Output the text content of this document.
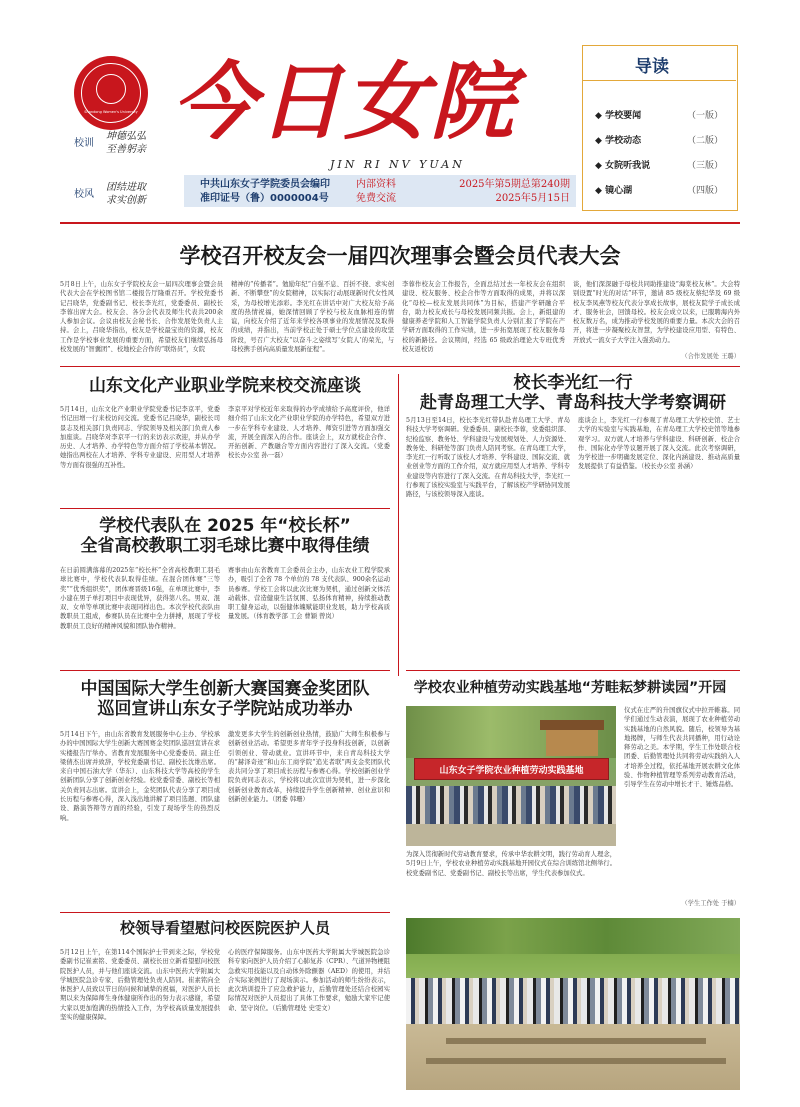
Shandong Women's University
校训
坤德弘弘
至善躬亲
校风
团结进取
求实创新
今日女院
JIN RI NV YUAN
中共山东女子学院委员会编印
准印证号（鲁）0000004号
内部资料
免费交流
2025年第5期总第240期
2025年5月15日
导读
◆ 学校要闻	（一版）
◆ 学校动态	（二版）
◆ 女院听我说	（三版）
◆ 镜心湖	（四版）
学校召开校友会一届四次理事会暨会员代表大会
5月8日上午，山东女子学院校友会一届四次理事会暨会员代表大会在学校图书馆二楼报告厅隆重召开。学校党委书记吕晓华，党委副书记、校长李光红，党委委员、副校长李蓉出席大会。校友会、各分会代表及师生代表共200余人参加会议。会议由校友会秘书长、合作发展处负责人主持。会上，吕晓华指出，校友是学校最宝贵的资源，校友工作是学校事业发展的重要方面，希望校友们继续弘扬母校发展的“智囊团”、校地校企合作的“联络员”，女院
精神的“传播者”。勉励年纪“自强不息、百折不挠、求实创新、不断攀登”的女院精神，以实际行动展现新时代女性风采，为母校增光添彩。李光红在讲话中对广大校友给予高度的热情祝福，她深情回顾了学校与校友血脉相连的情谊，向校友介绍了近年来学校各项事业的发展情况及取得的成绩，并指出，当前学校正处于硕士学位点建设的攻坚阶段，号召广大校友“以奋斗之姿续写‘女院人’的荣光，与母校携手创向高质量发展新征程”。
李蓉作校友会工作报告，全面总结过去一年校友会在组织建设、校友服务、校企合作等方面取得的成果，并将以深化“母校—校友发展共同体”为目标，搭建产学研融合平台，助力校友成长与母校发展同频共振。会上，新组建的健康养老学院和人工智能学院负责人分别汇报了学院在产学研方面取得的工作实绩，进一步拓宽展现了校友服务母校的新路径。会议期间，经选 65 级政治理论大专班优秀校友返校访
谈，他们深深融于母校共同助推建设“海棠校友林”。大会特别设置“时光的对话”环节，邀请 85 级校友蔡纪华及 69 级校友李凤燕等校友代表分享成长故事，展校友院学子成长成才、服务社会，回馈母校。校友会成立以来，已服聘海内外校友数万名，成为推动学校发展的重要力量。本次大会的召开，将进一步凝聚校友智慧，为学校建设应用型、有特色、开放式一流女子大学注入强劲动力。
（合作发展处 王璐）
山东文化产业职业学院来校交流座谈
5月14日，山东文化产业职业学院党委书记李京平，党委书记田增一行来校访问交流。党委书记吕晓华，副校长司景志及相关部门负责同志、学院领导及相关部门负责人参加座谈。吕晓华对李京平一行的来访表示欢迎，并从办学历史、人才培养、办学特色等方面介绍了学校基本情况。她指出两校在人才培养、学科专业建设、应用型人才培养等方面有很强的互补性。
李京平对学校近年来取得的办学成绩给予高度评价，他详细介绍了山东文化产业职业学院的办学特色，希望双方进一步在学科专业建设、人才培养、师资引进等方面加强交流，开展全面深入的合作。座谈会上，双方就校企合作、开拓创新、产教融合等方面内容进行了深入交流。（党委 校长办公室 孙一磊）
学校代表队在 2025 年“校长杯”
全省高校教职工羽毛球比赛中取得佳绩
在日前圆满落幕的2025年“校长杯”全省高校教职工羽毛球比赛中，学校代表队取得佳绩。在混合团体赛“三等奖”“优秀组织奖”，团体赛晋级16强，在单项比赛中，李小建在男子单打项目中表现优异，获得第八名。男双、混双、女单等单项比赛中表现同样出色。本次学校代表队由教职员工组成，参赛队员在比赛中全力拼搏，展现了学校教职员工良好的精神风貌和团队协作精神。
赛事由山东省教育工会委员会主办，山东农业工程学院承办，吸引了全省 78 个单位的 78 支代表队、900余名运动员参赛。学校工会将以此次比赛为契机，通过创新文体活动载体、营造健康生活氛围、弘扬体育精神，持续推动教职工健身运动，以强健体魄赋能职业发展，助力学校高质量发展。（体育教学部 工会 曹颖 曾岚）
校长李光红一行
赴青岛理工大学、青岛科技大学考察调研
5月13日至14日，校长李光红带队赴青岛理工大学、青岛科技大学考察调研。党委委员、副校长李蓉，党委组织部、纪检监察、教务处、学科建设与发展规划处、人力资源处、教务处、科研处等部门负责人陪同考察。在青岛理工大学，李光红一行听取了该校人才培养、学科建设、国际交流、就业创业等方面的工作介绍，双方就应用型人才培养、学科专业建设等内容进行了深入交流。在青岛科技大学，李光红一行参观了该校实验室与实践平台，了解该校产学研协同发展路径，与该校领导深入座谈。
座谈会上，李光红一行参观了青岛理工大学校史馆、艺士大学的实验室与实践基地，在青岛理工大学校史馆等地参观学习。双方就人才培养与学科建设、科研创新、校企合作、国际化办学等议题开展了深入交流。此次考察调研，为学校进一步明确发展定位、深化内涵建设、推动高质量发展提供了有益借鉴。（校长办公室 孙涵）
中国国际大学生创新大赛国赛金奖团队
巡回宣讲山东女子学院站成功举办
5月14日下午，由山东省教育发展服务中心主办、学校承办的中国国际大学生创新大赛国赛金奖团队巡回宣讲在求实楼报告厅举办。省教育发展服务中心党委委员、副主任梁倩杰出席并致辞，学校党委副书记、副校长沈维出席。来自中国石油大学（华东）、山东科技大学等高校的学生创新团队分享了创新创业经验。校党委常委、副校长等相关负责同志出席。宣讲会上，金奖团队代表分享了项目成长历程与参赛心得，深入浅出地讲解了项目选题、团队建设、路演答辩等方面的经验，引发了现场学生的热烈反响。
激发更多大学生的创新创业热情，鼓励广大师生积极参与创新创业活动。希望更多青年学子投身科技创新，以创新引领创业、带动就业。宣讲环节中，来自青岛科技大学的“赫泽奇迹”和山东工商学院“追光者联”两支金奖团队代表共同分享了项目成长历程与参赛心得。学校创新创业学院负责同志表示，学校将以此次宣讲为契机，进一步深化创新创业教育改革，持续提升学生创新精神、创业意识和创新创业能力。（团委 韩珊）
学校农业种植劳动实践基地“芳畦耘梦耕读园”开园
山东女子学院农业种植劳动实践基地
为深入贯彻新时代劳动教育要求，传承中华农耕文明，践行劳动育人理念，5月9日上午，学校农业种植劳动实践基地开园仪式在综合训练馆北侧举行。校党委副书记、党委副书记、副校长等出席，学生代表参加仪式。
仪式在庄严的升国旗仪式中拉开帷幕。同学们通过生动表演，展现了农业种植劳动实践基地的自然风貌。随后，校领导为基地揭牌，与师生代表共同播种，用行动诠释劳动之美。本学期，学生工作处联合校团委、后勤管理处共同将劳动实践纳入人才培养全过程，依托基地开展农耕文化体验、作物种植管理等系列劳动教育活动，引导学生在劳动中增长才干、锤炼品格。
（学生工作处 于楠）
校领导看望慰问校医院医护人员
5月12日上午，在第114个国际护士节到来之际，学校党委副书记崔素铭、党委委员、副校长田立新看望慰问校医院医护人员，并与他们座谈交流。山东中医药大学附属大学城医院急诊专家、后勤管理处负责人陪同。崔素铭向全体医护人员致以节日的问候和诚挚的祝福，对医护人员长期以来为保障师生身体健康所作出的努力表示感谢，希望大家以更加饱满的热情投入工作，为学校高质量发展提供坚实的健康保障。
心的医疗保障服务。山东中医药大学附属大学城医院急诊科专家向医护人员介绍了心肺复苏（CPR）、气道异物梗阻急救实用技能以及自动体外除颤器（AED）的使用，并结合实际案例进行了现场演示。参加活动的师生纷纷表示，此次培训提升了应急救护能力，后勤管理处还结合校园实际情况对医护人员提出了具体工作要求，勉励大家牢记使命、坚守岗位。（后勤管理处 史雯文）
